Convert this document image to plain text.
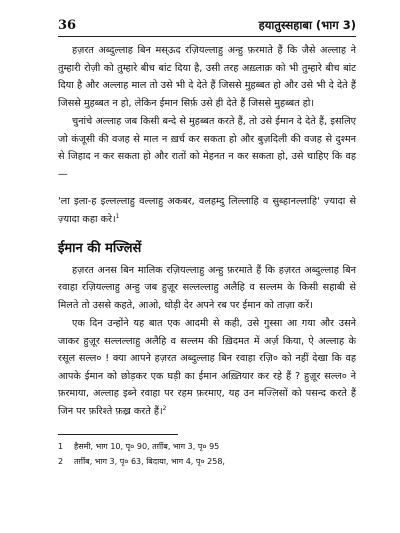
36	हयातुस्सहाबा (भाग 3)

हज़रत अब्दुल्लाह बिन मस्ऊद रज़ियल्लाहु अन्हु फ़रमाते हैं कि जैसे अल्लाह ने तुम्हारी रोज़ी को तुम्हारे बीच बांट दिया है, उसी तरह अख़्लाक़ को भी तुम्हारे बीच बांट दिया है और अल्लाह माल तो उसे भी दे देते हैं जिससे मुहब्बत हो और उसे भी दे देते हैं जिससे मुहब्बत न हो, लेकिन ईमान सिर्फ़ उसे ही देते हैं जिससे मुहब्बत हो।

चुनांचे अल्लाह जब किसी बन्दे से मुहब्बत करते हैं, तो उसे ईमान दे देते हैं, इसलिए जो कंजूसी की वजह से माल न ख़र्च कर सकता हो और बुज़दिली की वजह से दुश्मन से जिहाद न कर सकता हो और रातों को मेहनत न कर सकता हो, उसे चाहिए कि वह—

'ला इला-ह इल्लल्लाहु वल्लाहु अकबर, वलहम्दु लिल्लाहि व सुब्हानल्लाहि' ज़्यादा से ज़्यादा कहा करे।$^1$

ईमान की मज्लिसें

हज़रत अनस बिन मालिक रज़ियल्लाहु अन्हु फ़रमाते हैं कि हज़रत अब्दुल्लाह बिन रवाहा रज़ियल्लाहु अन्हु जब हुज़ूर सल्लल्लाहु अलैहि व सल्लम के किसी सहाबी से मिलते तो उससे कहते, आओ, थोड़ी देर अपने रब पर ईमान को ताज़ा करें।

एक दिन उन्होंने यह बात एक आदमी से कही, उसे गुस्सा आ गया और उसने जाकर हुज़ूर सल्लल्लाहु अलैहि व सल्लम की ख़िदमत में अर्ज़ किया, ऐ अल्लाह के रसूल सल्ल० ! क्या आपने हज़रत अब्दुल्लाह बिन रवाहा रज़ि० को नहीं देखा कि वह आपके ईमान को छोड़कर एक घड़ी का ईमान अख़्तियार कर रहे हैं ? हुज़ूर सल्ल० ने फ़रमाया, अल्लाह इब्ने रवाहा पर रहम फ़रमाए, यह उन मज्लिसों को पसन्द करते हैं जिन पर फ़रिश्ते फ़ख़्र करते हैं।$^2$

1 हैसमी, भाग 10, पृ० 90, तर्ग़ीब, भाग 3, पृ० 95
2 तर्ग़ीब, भाग 3, पृ० 63, बिदाया, भाग 4, पृ० 258,
